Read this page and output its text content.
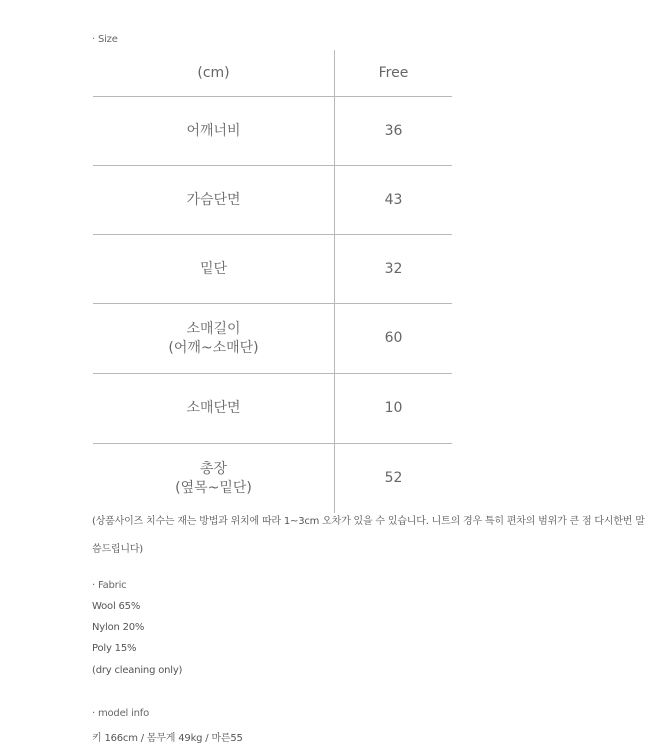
· Size
(cm)	Free
어깨너비	36
가슴단면	43
밑단	32
소매길이
(어깨~소매단)	60
소매단면	10
총장
(옆목~밑단)	52
(상품사이즈 치수는 재는 방법과 위치에 따라 1~3cm 오차가 있을 수 있습니다. 니트의 경우 특히 편차의 범위가 큰 점 다시한번 말씀드립니다)
· Fabric
Wool 65%
Nylon 20%
Poly 15%
(dry cleaning only)
· model info
키 166cm / 몸무게 49kg / 마른55
